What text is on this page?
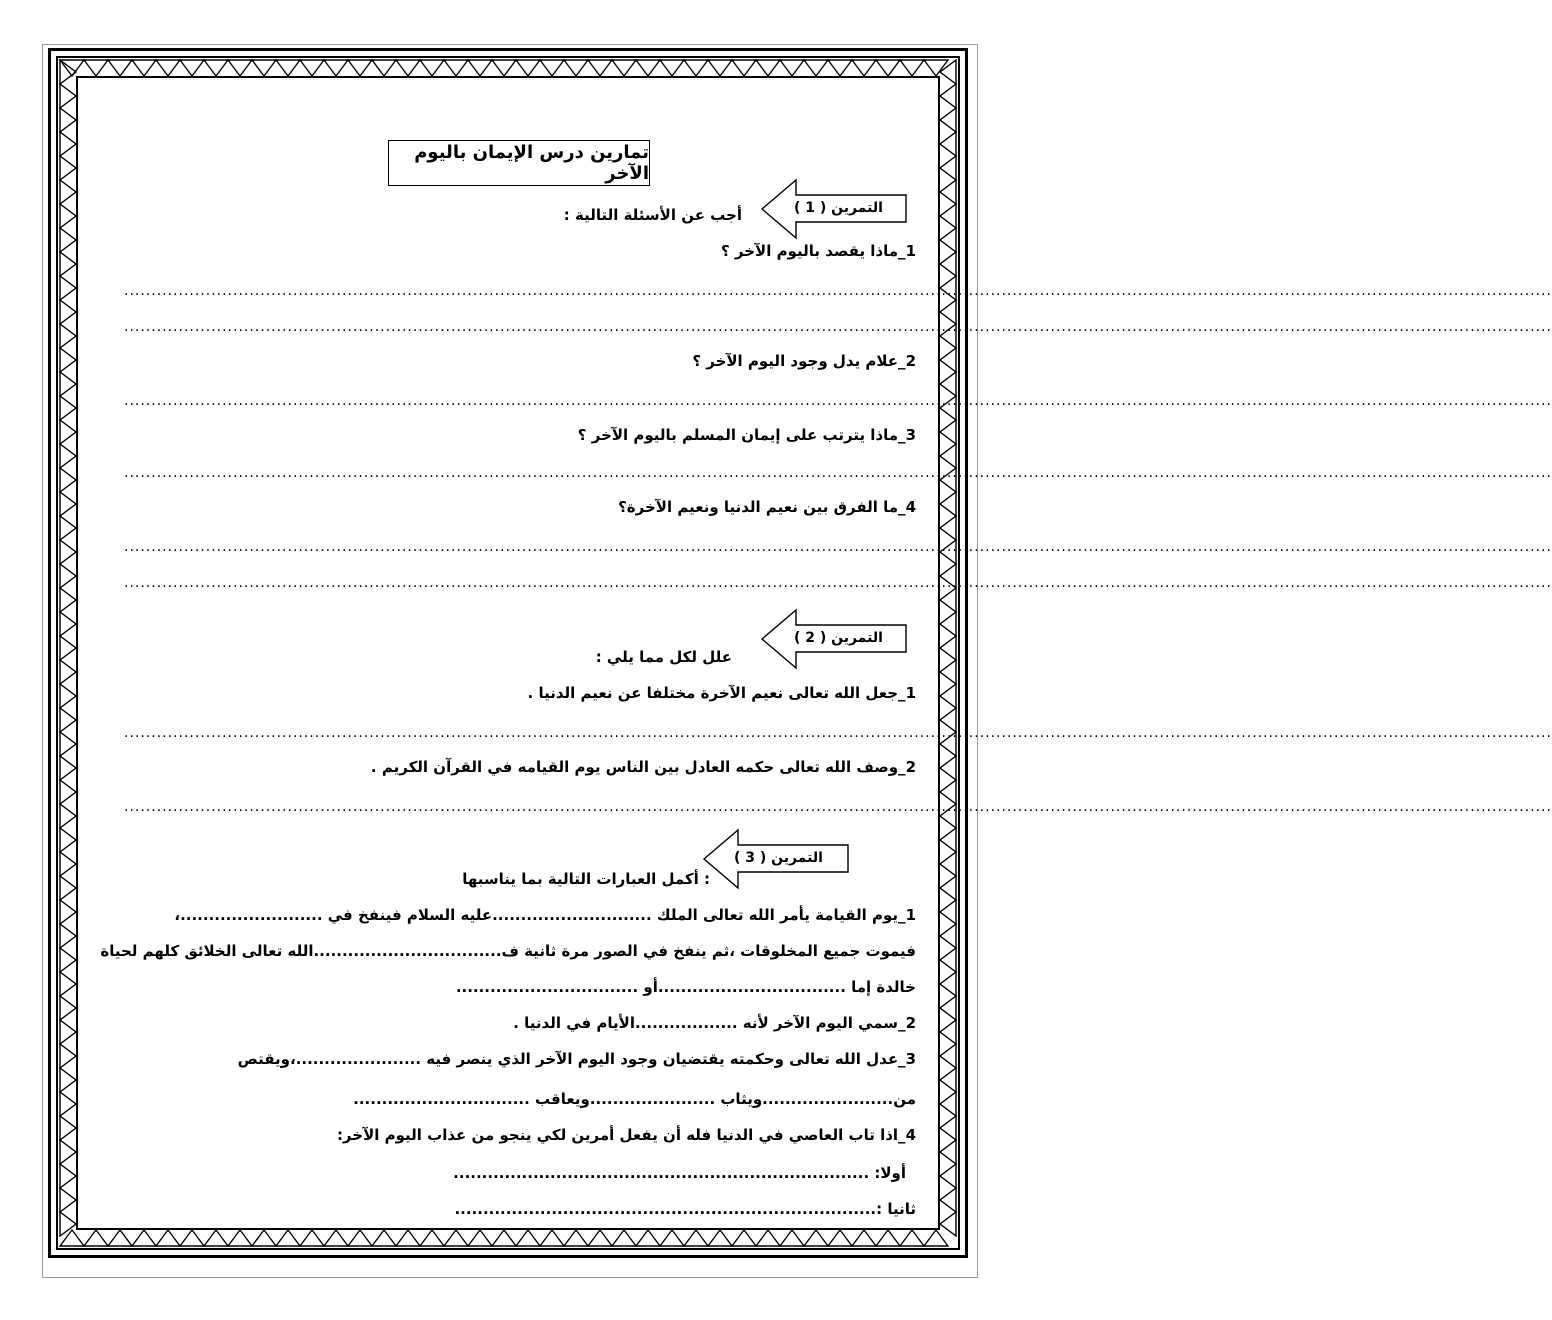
تمارين درس الإيمان باليوم الآخر
التمرين ( 1 )
أجب عن الأسئلة التالية :
1_ماذا يقصد باليوم الآخر ؟
......................................................................................................................................................................................................................................................................
......................................................................................................................................................................................................................................................................
2_علام يدل وجود اليوم الآخر ؟
......................................................................................................................................................................................................................................................................
3_ماذا يترتب على إيمان المسلم باليوم الآخر ؟
......................................................................................................................................................................................................................................................................
4_ما الفرق بين نعيم الدنيا ونعيم الآخرة؟
......................................................................................................................................................................................................................................................................
......................................................................................................................................................................................................................................................................
التمرين ( 2 )
علل لكل مما يلي :
1_جعل الله تعالى نعيم الآخرة مختلفا عن نعيم الدنيا .
......................................................................................................................................................................................................................................................................
2_وصف الله تعالى حكمه العادل بين الناس يوم القيامه في القرآن الكريم .
......................................................................................................................................................................................................................................................................
التمرين ( 3 )
: أكمل العبارات التالية بما يناسبها
1_يوم القيامة يأمر الله تعالى الملك ............................عليه السلام فينفخ في .........................،
فيموت جميع المخلوقات ،ثم ينفخ في الصور مرة ثانية ف.................................الله تعالى الخلائق كلهم لحياة
خالدة إما .................................أو ................................
2_سمي اليوم الآخر لأنه ..................الأيام في الدنيا .
3_عدل الله تعالى وحكمته يقتضيان وجود اليوم الآخر الذي ينصر فيه ......................،ويقتص
من.......................ويثاب ......................ويعاقب ...............................
4_اذا تاب العاصي في الدنيا فله أن يفعل أمرين لكي ينجو من عذاب اليوم الآخر:
أولا: .........................................................................
ثانيا :..........................................................................
